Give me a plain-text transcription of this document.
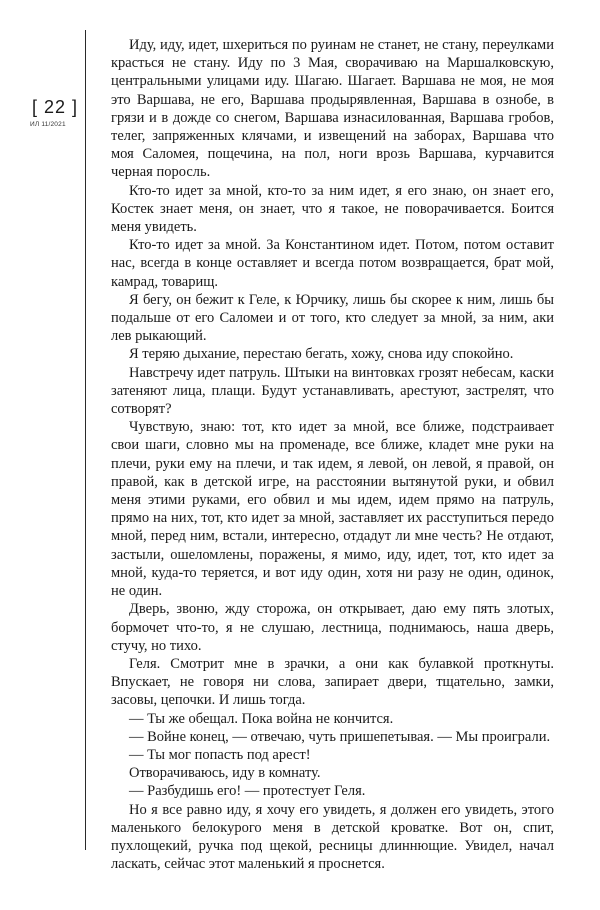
[ 22 ]
ИЛ 11/2021

Иду, иду, идет, шхериться по руинам не станет, не стану, переулками красться не стану. Иду по 3 Мая, сворачиваю на Маршалковскую, центральными улицами иду. Шагаю. Шагает. Варшава не моя, не моя это Варшава, не его, Варшава продырявленная, Варшава в ознобе, в грязи и в дожде со снегом, Варшава изнасилованная, Варшава гробов, телег, запряженных клячами, и извещений на заборах, Варшава что моя Саломея, пощечина, на пол, ноги врозь Варшава, курчавится черная поросль.

Кто-то идет за мной, кто-то за ним идет, я его знаю, он знает его, Костек знает меня, он знает, что я такое, не поворачивается. Боится меня увидеть.

Кто-то идет за мной. За Константином идет. Потом, потом оставит нас, всегда в конце оставляет и всегда потом возвращается, брат мой, камрад, товарищ.

Я бегу, он бежит к Геле, к Юрчику, лишь бы скорее к ним, лишь бы подальше от его Саломеи и от того, кто следует за мной, за ним, аки лев рыкающий.

Я теряю дыхание, перестаю бегать, хожу, снова иду спокойно.

Навстречу идет патруль. Штыки на винтовках грозят небесам, каски затеняют лица, плащи. Будут устанавливать, арестуют, застрелят, что сотворят?

Чувствую, знаю: тот, кто идет за мной, все ближе, подстраивает свои шаги, словно мы на променаде, все ближе, кладет мне руки на плечи, руки ему на плечи, и так идем, я левой, он левой, я правой, он правой, как в детской игре, на расстоянии вытянутой руки, и обвил меня этими руками, его обвил и мы идем, идем прямо на патруль, прямо на них, тот, кто идет за мной, заставляет их расступиться передо мной, перед ним, встали, интересно, отдадут ли мне честь? Не отдают, застыли, ошеломлены, поражены, я мимо, иду, идет, тот, кто идет за мной, куда-то теряется, и вот иду один, хотя ни разу не один, одинок, не один.

Дверь, звоню, жду сторожа, он открывает, даю ему пять злотых, бормочет что-то, я не слушаю, лестница, поднимаюсь, наша дверь, стучу, но тихо.

Геля. Смотрит мне в зрачки, а они как булавкой проткнуты. Впускает, не говоря ни слова, запирает двери, тщательно, замки, засовы, цепочки. И лишь тогда.

— Ты же обещал. Пока война не кончится.

— Войне конец, — отвечаю, чуть пришепетывая. — Мы проиграли.

— Ты мог попасть под арест!

Отворачиваюсь, иду в комнату.

— Разбудишь его! — протестует Геля.

Но я все равно иду, я хочу его увидеть, я должен его увидеть, этого маленького белокурого меня в детской кроватке. Вот он, спит, пухлощекий, ручка под щекой, ресницы длиннющие. Увидел, начал ласкать, сейчас этот маленький я проснется.
